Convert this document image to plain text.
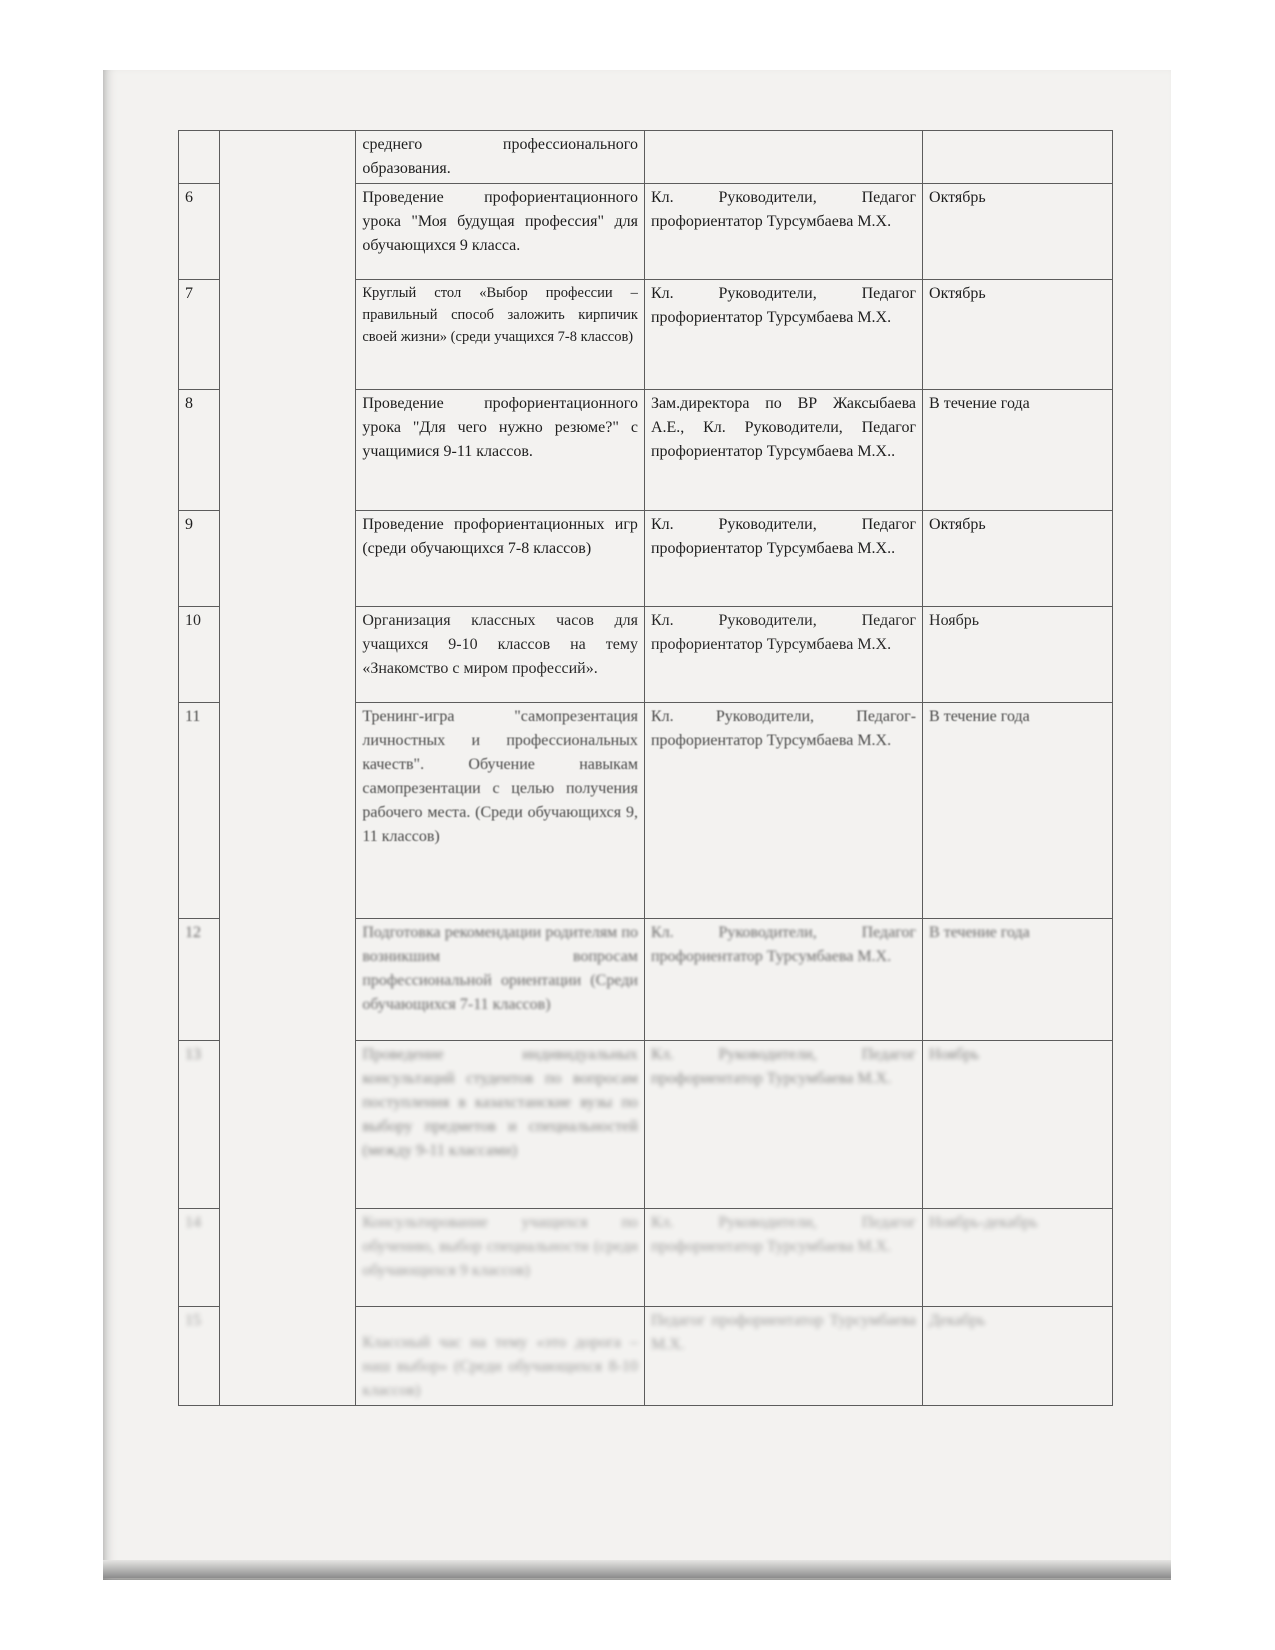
		среднего профессионального образования.		
6		Проведение профориентационного урока "Моя будущая профессия" для обучающихся 9 класса.	Кл. Руководители, Педагог профориентатор Турсумбаева М.Х.	Октябрь
7		Круглый стол «Выбор профессии – правильный способ заложить кирпичик своей жизни» (среди учащихся 7-8 классов)	Кл. Руководители, Педагог профориентатор Турсумбаева М.Х.	Октябрь
8		Проведение профориентационного урока "Для чего нужно резюме?" с учащимися 9-11 классов.	Зам.директора по ВР Жаксыбаева А.Е., Кл. Руководители, Педагог профориентатор Турсумбаева М.Х..	В течение года
9		Проведение профориентационных игр (среди обучающихся 7-8 классов)	Кл. Руководители, Педагог профориентатор Турсумбаева М.Х..	Октябрь
10		Организация классных часов для учащихся 9-10 классов на тему «Знакомство с миром профессий».	Кл. Руководители, Педагог профориентатор Турсумбаева М.Х.	Ноябрь
11		Тренинг-игра "самопрезентация личностных и профессиональных качеств". Обучение навыкам самопрезентации с целью получения рабочего места. (Среди обучающихся 9, 11 классов)	Кл. Руководители, Педагог-профориентатор Турсумбаева М.Х.	В течение года
12		Подготовка рекомендации родителям по возникшим вопросам профессиональной ориентации (Среди обучающихся 7-11 классов)	Кл. Руководители, Педагог профориентатор Турсумбаева М.Х.	В течение года
13		Проведение индивидуальных консультаций студентов по вопросам поступления в казахстанские вузы по выбору предметов и специальностей (между 9-11 классами)	Кл. Руководители, Педагог профориентатор Турсумбаева М.Х.	Ноябрь
14		Консультирование учащихся по обучению, выбор специальности (среди обучающихся 9 классов)	Кл. Руководители, Педагог профориентатор Турсумбаева М.Х.	Ноябрь-декабрь
15		Классный час на тему «это дорога – наш выбор» (Среди обучающихся 8-10 классов)	Педагог профориентатор Турсумбаева М.Х.	Декабрь
